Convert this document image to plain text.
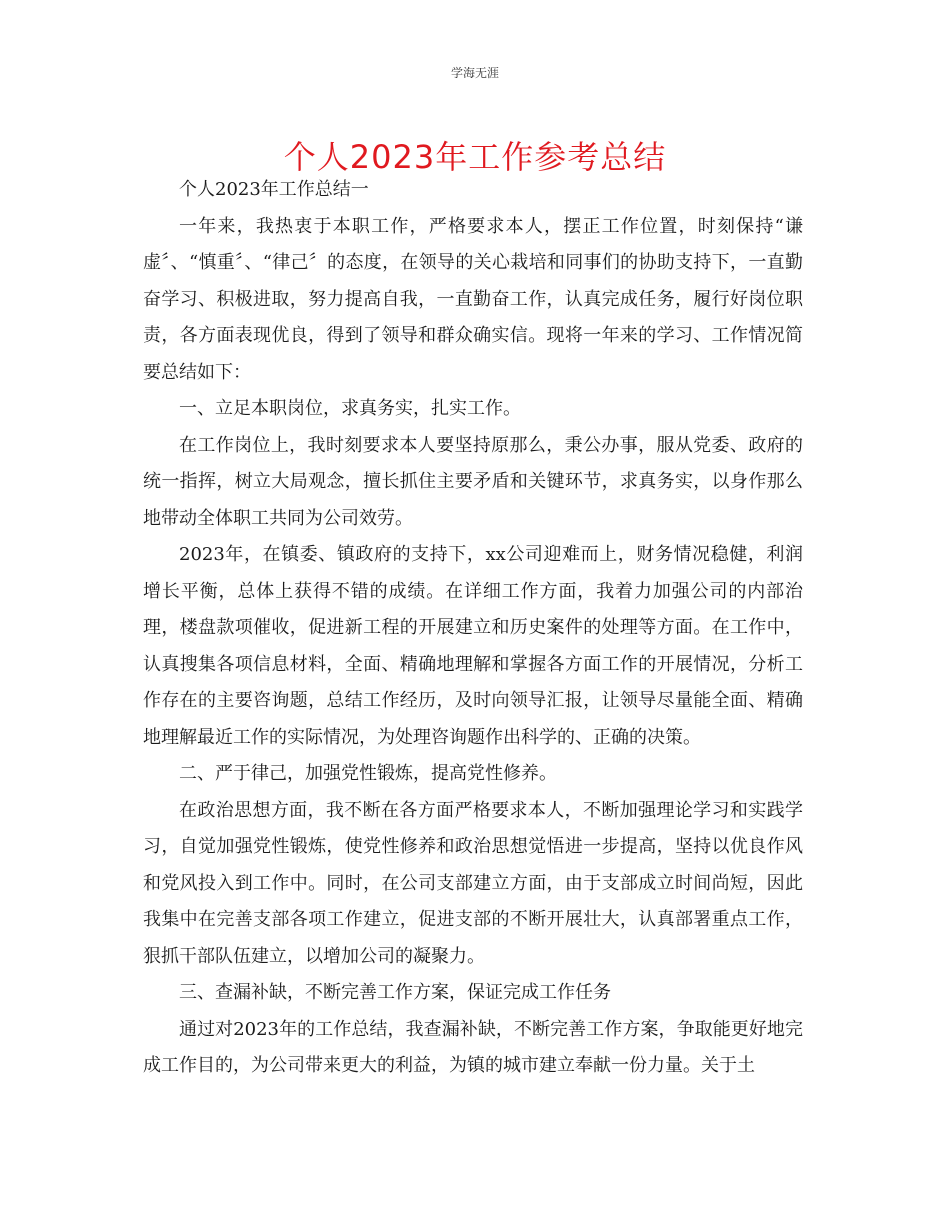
学海无涯
个人2023年工作参考总结

个人2023年工作总结一

一年来，我热衷于本职工作，严格要求本人，摆正工作位置，时刻保持“谦虚〞、“慎重〞、“律己〞的态度，在领导的关心栽培和同事们的协助支持下，一直勤奋学习、积极进取，努力提高自我，一直勤奋工作，认真完成任务，履行好岗位职责，各方面表现优良，得到了领导和群众确实信。现将一年来的学习、工作情况简要总结如下：

一、立足本职岗位，求真务实，扎实工作。

在工作岗位上，我时刻要求本人要坚持原那么，秉公办事，服从党委、政府的统一指挥，树立大局观念，擅长抓住主要矛盾和关键环节，求真务实，以身作那么地带动全体职工共同为公司效劳。

2023年，在镇委、镇政府的支持下，xx公司迎难而上，财务情况稳健，利润增长平衡，总体上获得不错的成绩。在详细工作方面，我着力加强公司的内部治理，楼盘款项催收，促进新工程的开展建立和历史案件的处理等方面。在工作中，认真搜集各项信息材料，全面、精确地理解和掌握各方面工作的开展情况，分析工作存在的主要咨询题，总结工作经历，及时向领导汇报，让领导尽量能全面、精确地理解最近工作的实际情况，为处理咨询题作出科学的、正确的决策。

二、严于律己，加强党性锻炼，提高党性修养。

在政治思想方面，我不断在各方面严格要求本人，不断加强理论学习和实践学习，自觉加强党性锻炼，使党性修养和政治思想觉悟进一步提高，坚持以优良作风和党风投入到工作中。同时，在公司支部建立方面，由于支部成立时间尚短，因此我集中在完善支部各项工作建立，促进支部的不断开展壮大，认真部署重点工作，狠抓干部队伍建立，以增加公司的凝聚力。

三、查漏补缺，不断完善工作方案，保证完成工作任务

通过对2023年的工作总结，我查漏补缺，不断完善工作方案，争取能更好地完成工作目的，为公司带来更大的利益，为镇的城市建立奉献一份力量。关于土
